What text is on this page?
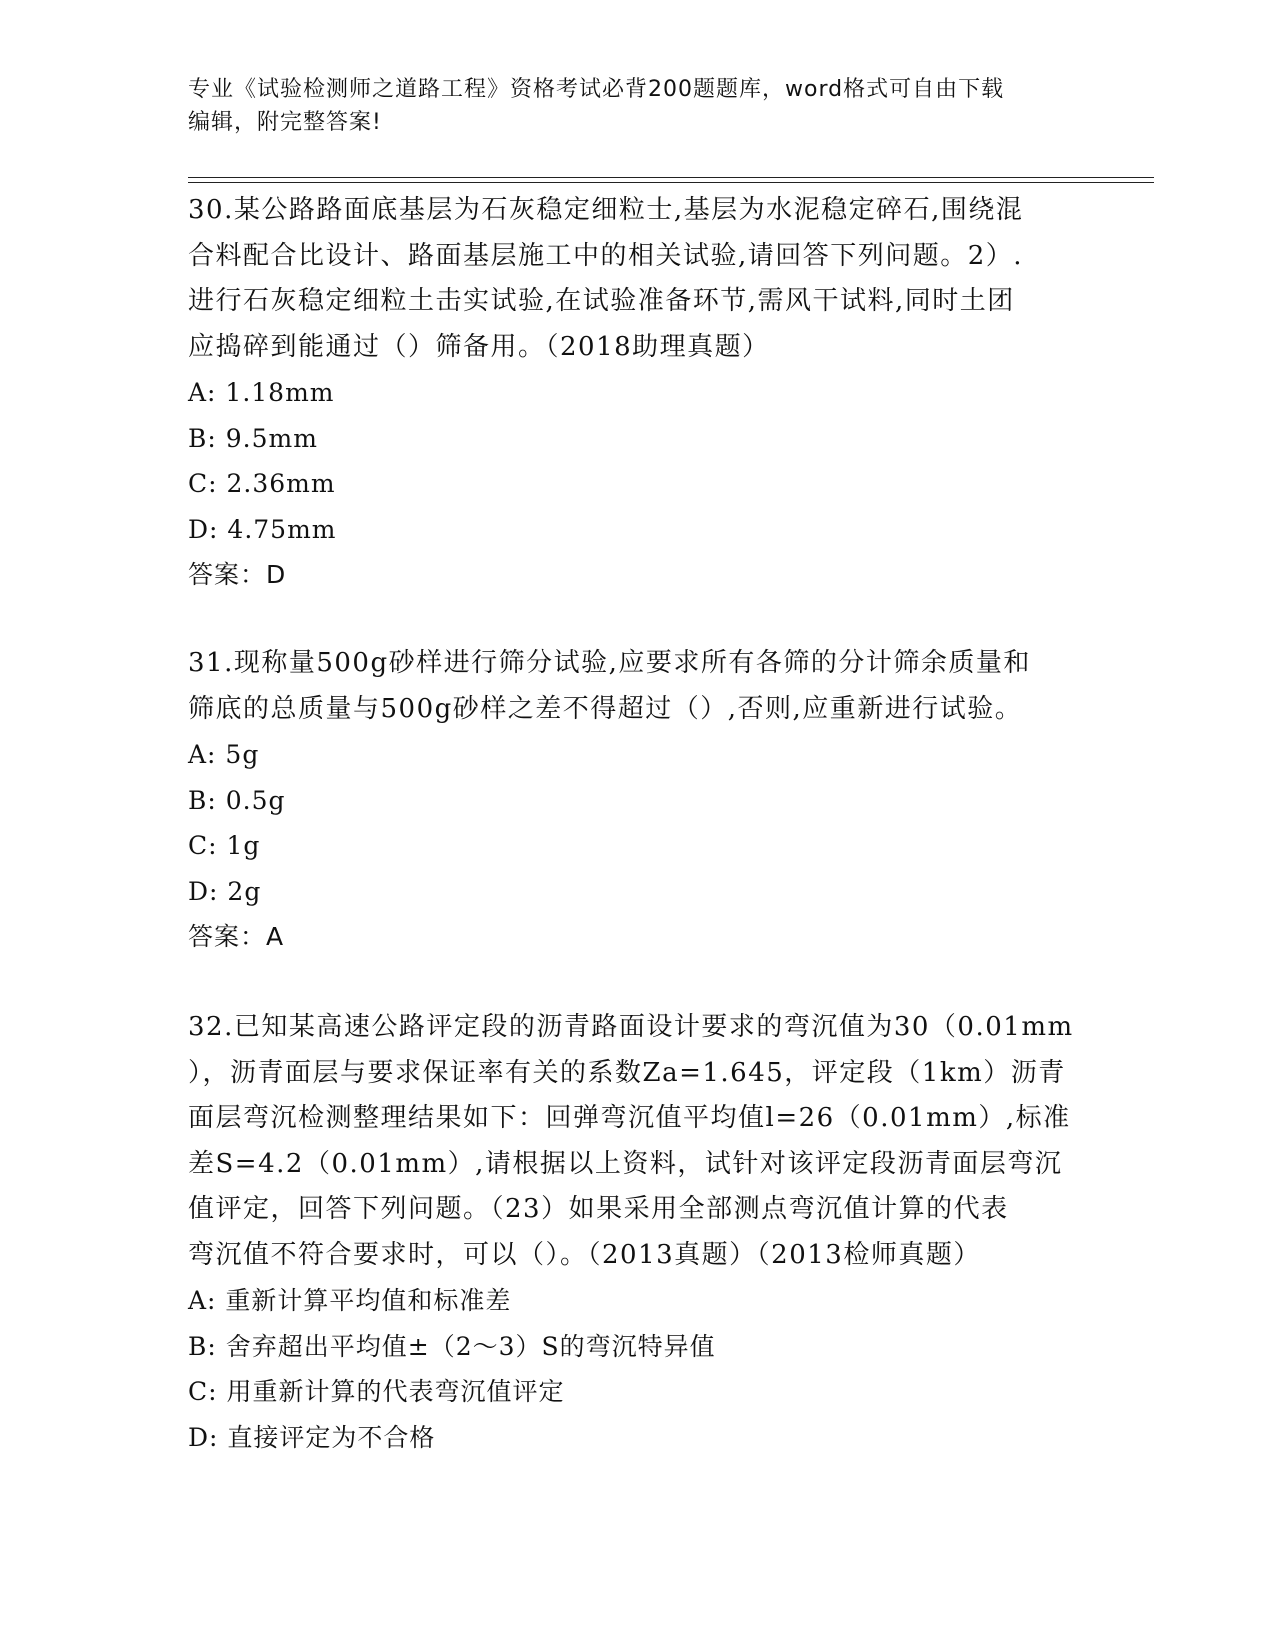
专业《试验检测师之道路工程》资格考试必背200题题库，word格式可自由下载
编辑，附完整答案!

30.某公路路面底基层为石灰稳定细粒士,基层为水泥稳定碎石,围绕混
合料配合比设计、路面基层施工中的相关试验,请回答下列问题。2）.
进行石灰稳定细粒土击实试验,在试验准备环节,需风干试料,同时土团
应捣碎到能通过（）筛备用。（2018助理真题）

A: 1.18mm

B: 9.5mm

C: 2.36mm

D: 4.75mm

答案：D

31.现称量500g砂样进行筛分试验,应要求所有各筛的分计筛余质量和
筛底的总质量与500g砂样之差不得超过（）,否则,应重新进行试验。

A: 5g

B: 0.5g

C: 1g

D: 2g

答案：A

32.已知某高速公路评定段的沥青路面设计要求的弯沉值为30（0.01mm
），沥青面层与要求保证率有关的系数Za=1.645，评定段（1km）沥青
面层弯沉检测整理结果如下：回弹弯沉值平均值l=26（0.01mm）,标准
差S=4.2（0.01mm）,请根据以上资料，试针对该评定段沥青面层弯沉
值评定，回答下列问题。（23）如果采用全部测点弯沉值计算的代表
弯沉值不符合要求时，可以（）。（2013真题）（2013检师真题）

A: 重新计算平均值和标准差

B: 舍弃超出平均值±（2～3）S的弯沉特异值

C: 用重新计算的代表弯沉值评定

D: 直接评定为不合格
